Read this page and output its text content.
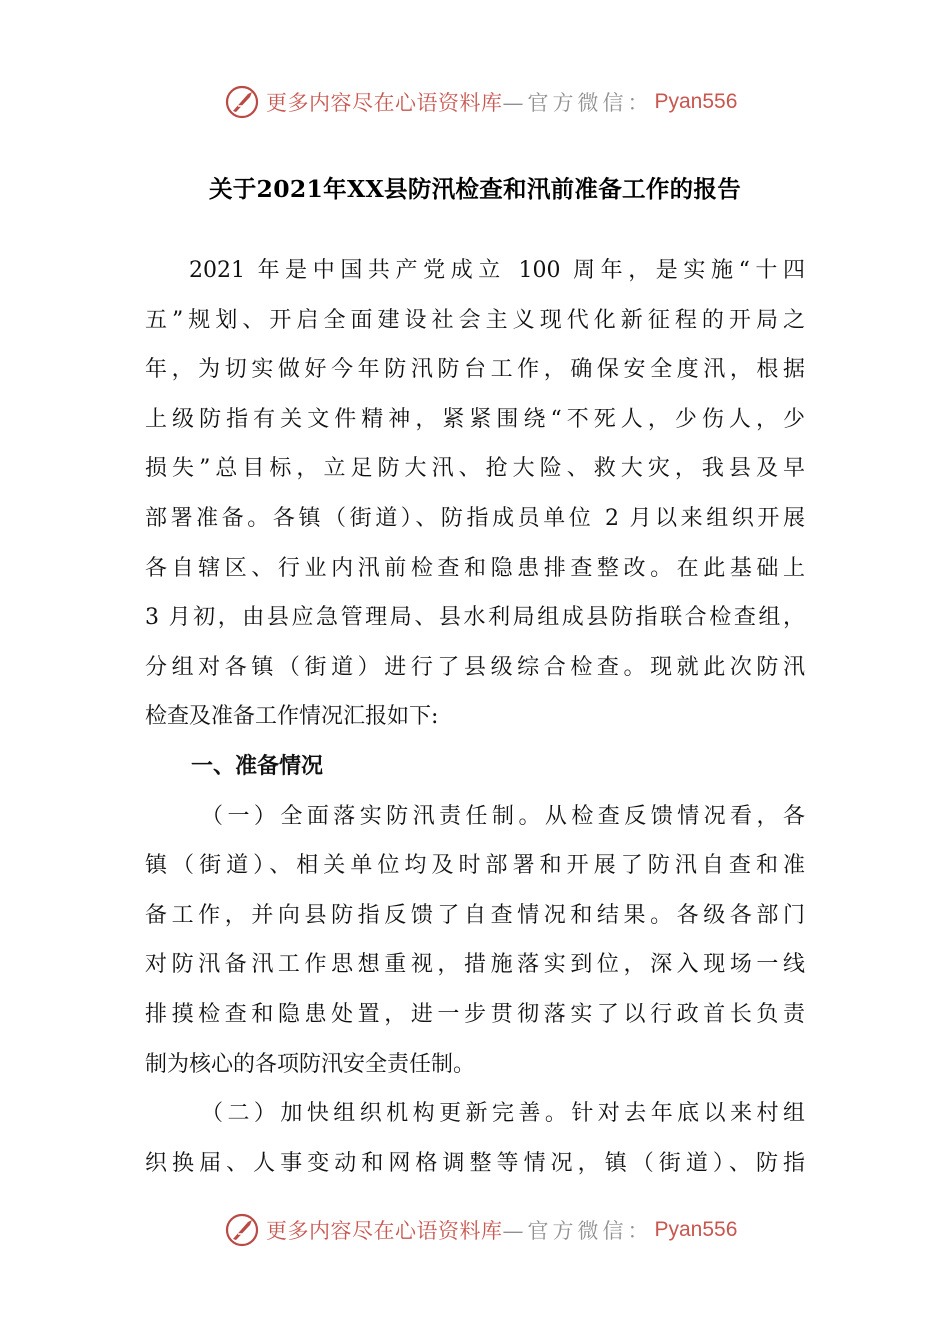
更多内容尽在心语资料库 —官方微信： Pyan556
关于2021年XX县防汛检查和汛前准备工作的报告
2021 年是中国共产党成立 100 周年，是实施“十四
五”规划、开启全面建设社会主义现代化新征程的开局之
年，为切实做好今年防汛防台工作，确保安全度汛，根据
上级防指有关文件精神，紧紧围绕“不死人，少伤人，少
损失”总目标，立足防大汛、抢大险、救大灾，我县及早
部署准备。各镇（街道）、防指成员单位 2 月以来组织开展
各自辖区、行业内汛前检查和隐患排查整改。在此基础上
3 月初，由县应急管理局、县水利局组成县防指联合检查组，
分组对各镇（街道）进行了县级综合检查。现就此次防汛
检查及准备工作情况汇报如下:
一、准备情况
（一）全面落实防汛责任制。从检查反馈情况看，各
镇（街道）、相关单位均及时部署和开展了防汛自查和准
备工作，并向县防指反馈了自查情况和结果。各级各部门
对防汛备汛工作思想重视，措施落实到位，深入现场一线
排摸检查和隐患处置，进一步贯彻落实了以行政首长负责
制为核心的各项防汛安全责任制。
（二）加快组织机构更新完善。针对去年底以来村组
织换届、人事变动和网格调整等情况，镇（街道）、防指
更多内容尽在心语资料库 —官方微信： Pyan556
